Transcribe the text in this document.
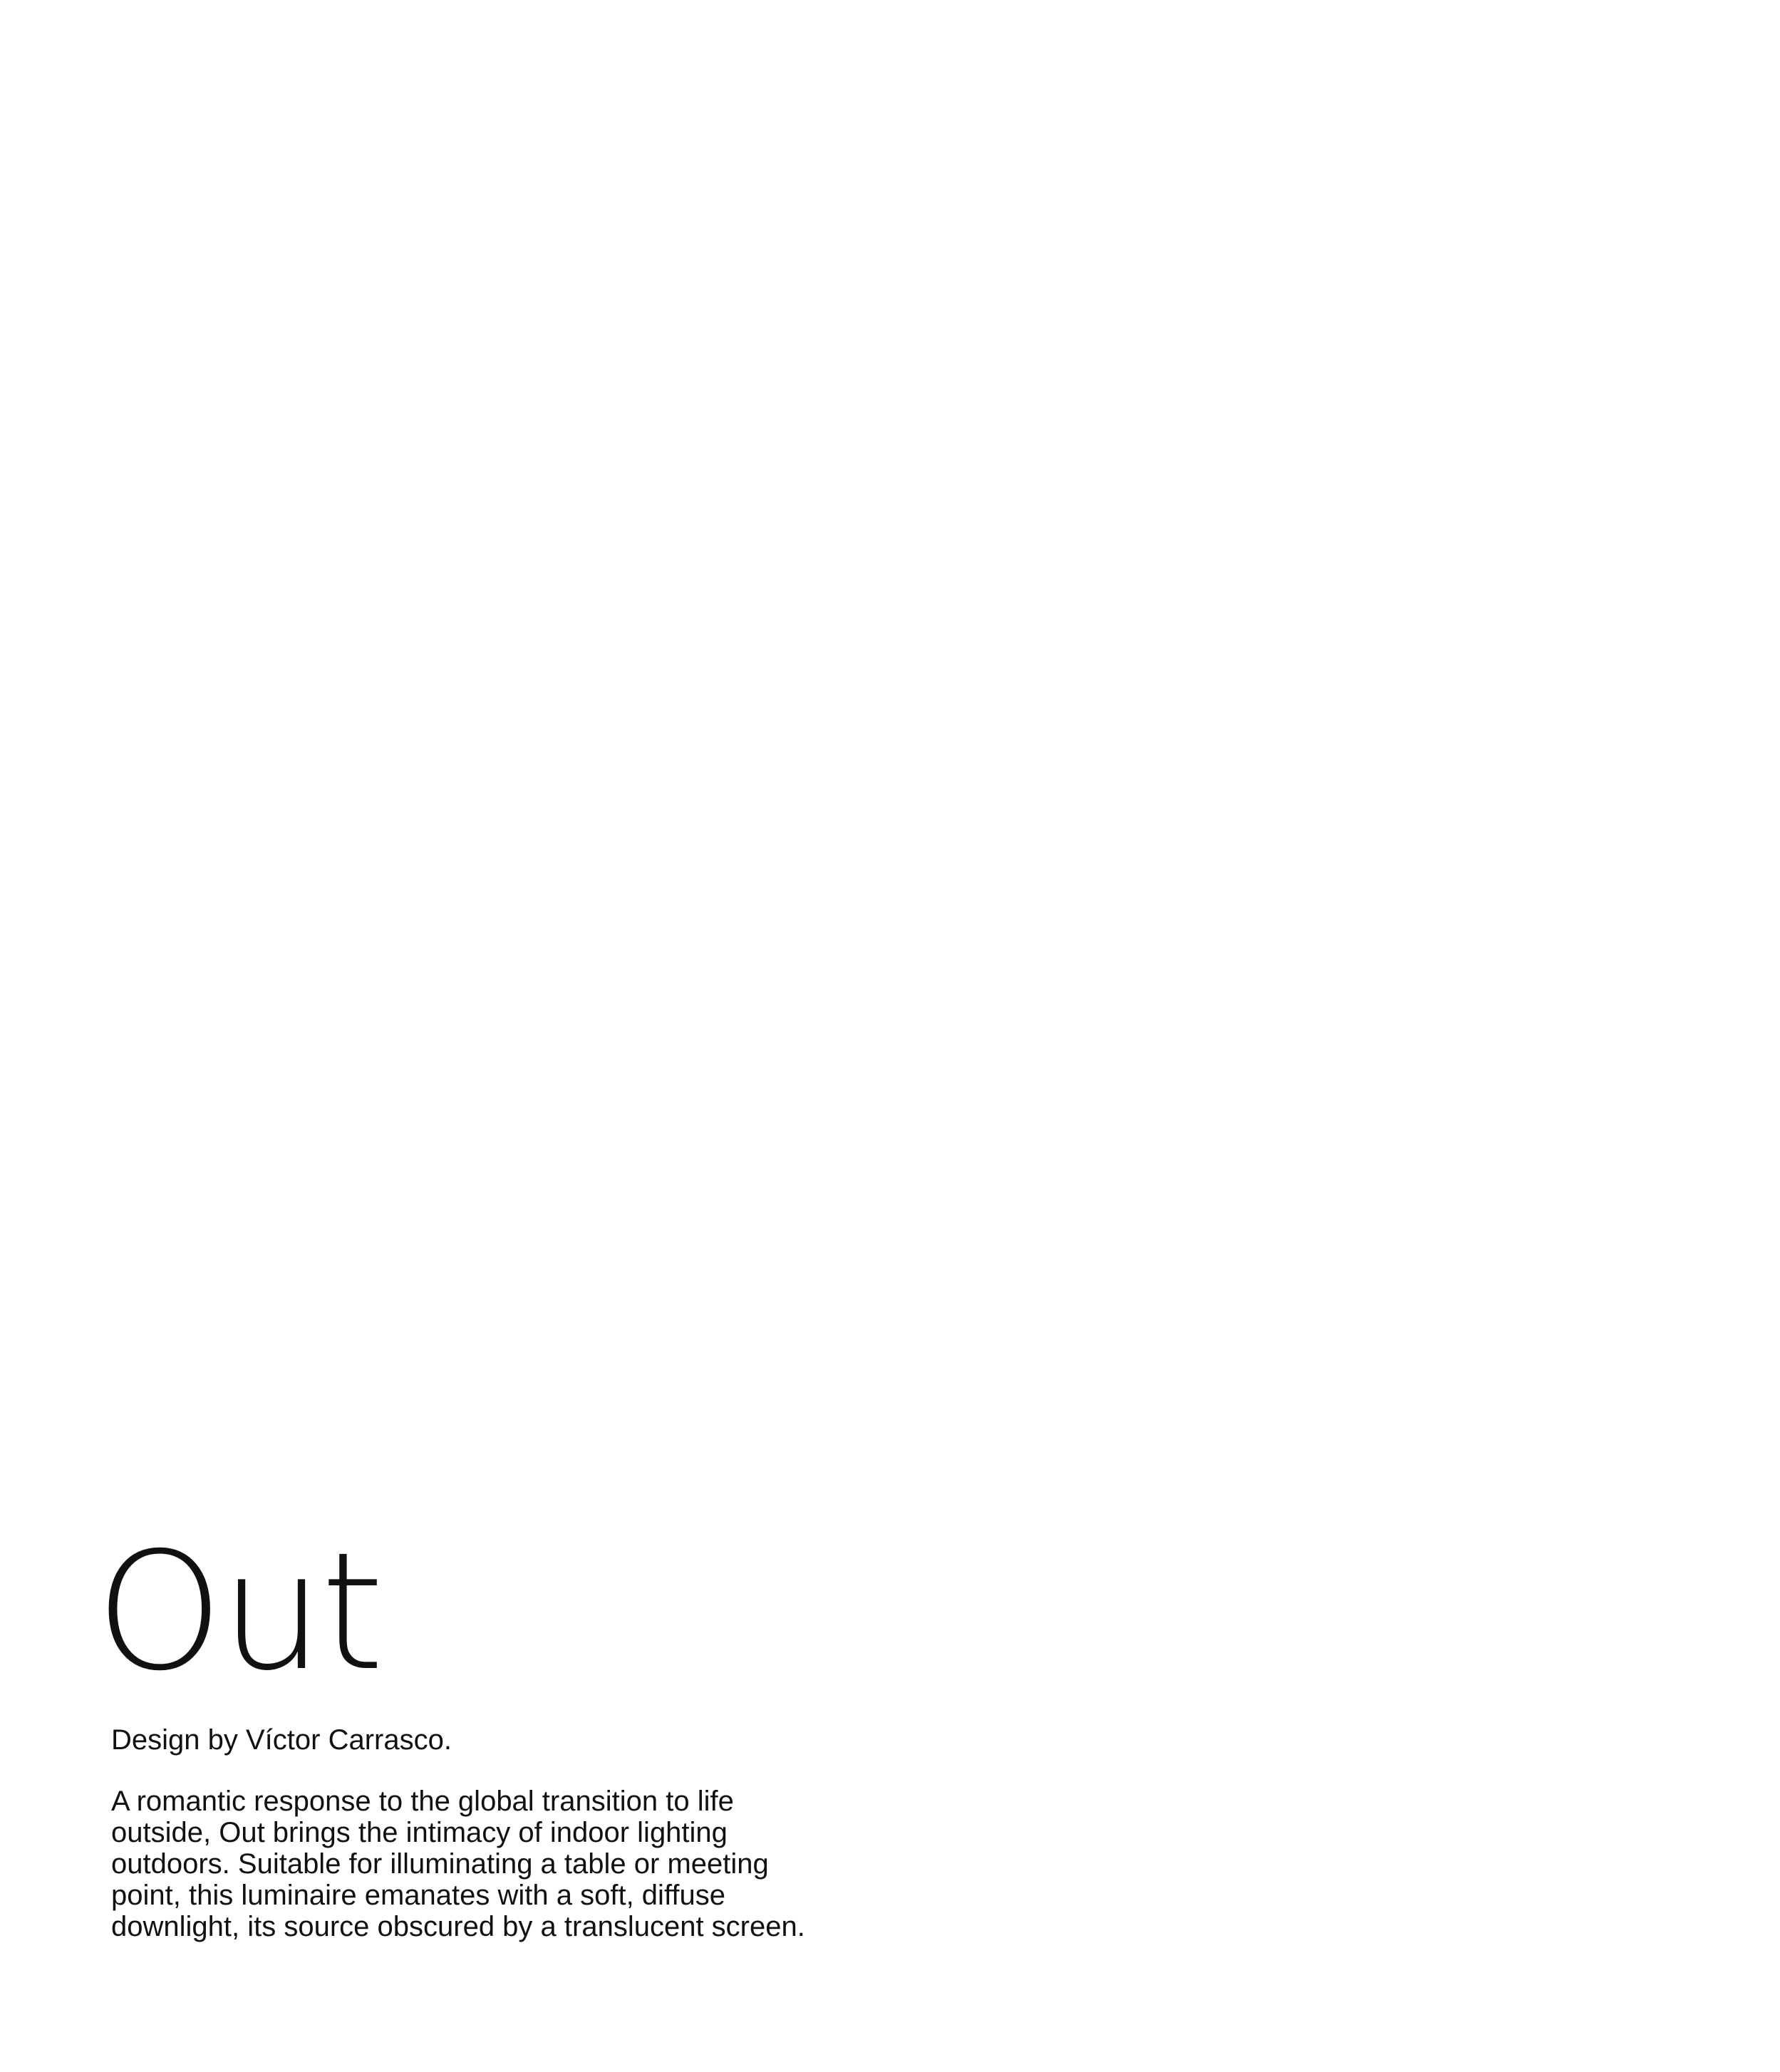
Out

Design by Víctor Carrasco.

A romantic response to the global transition to life
outside, Out brings the intimacy of indoor lighting
outdoors. Suitable for illuminating a table or meeting
point, this luminaire emanates with a soft, diffuse
downlight, its source obscured by a translucent screen.
